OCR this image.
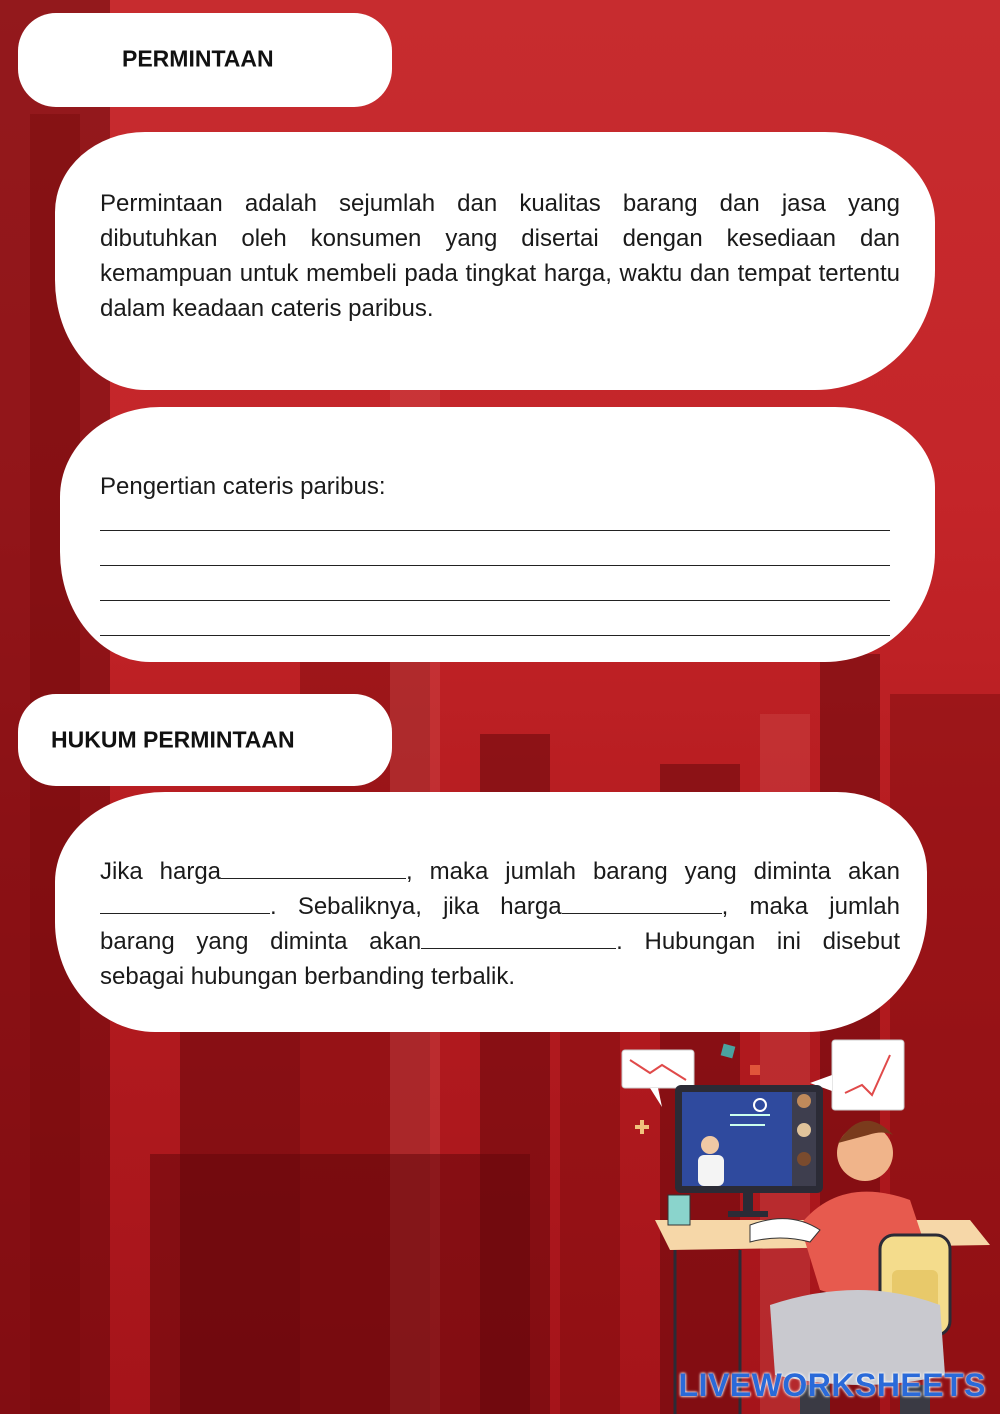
PERMINTAAN
Permintaan adalah sejumlah dan kualitas barang dan jasa yang dibutuhkan oleh konsumen yang disertai dengan kesediaan dan kemampuan untuk membeli pada tingkat harga, waktu dan tempat tertentu dalam keadaan cateris paribus.
Pengertian cateris paribus:
HUKUM PERMINTAAN
Jika harga	, maka jumlah barang yang diminta akan . Sebaliknya, jika harga	, maka jumlah barang yang diminta akan	. Hubungan ini disebut sebagai hubungan berbanding terbalik.
LIVEWORKSHEETS
